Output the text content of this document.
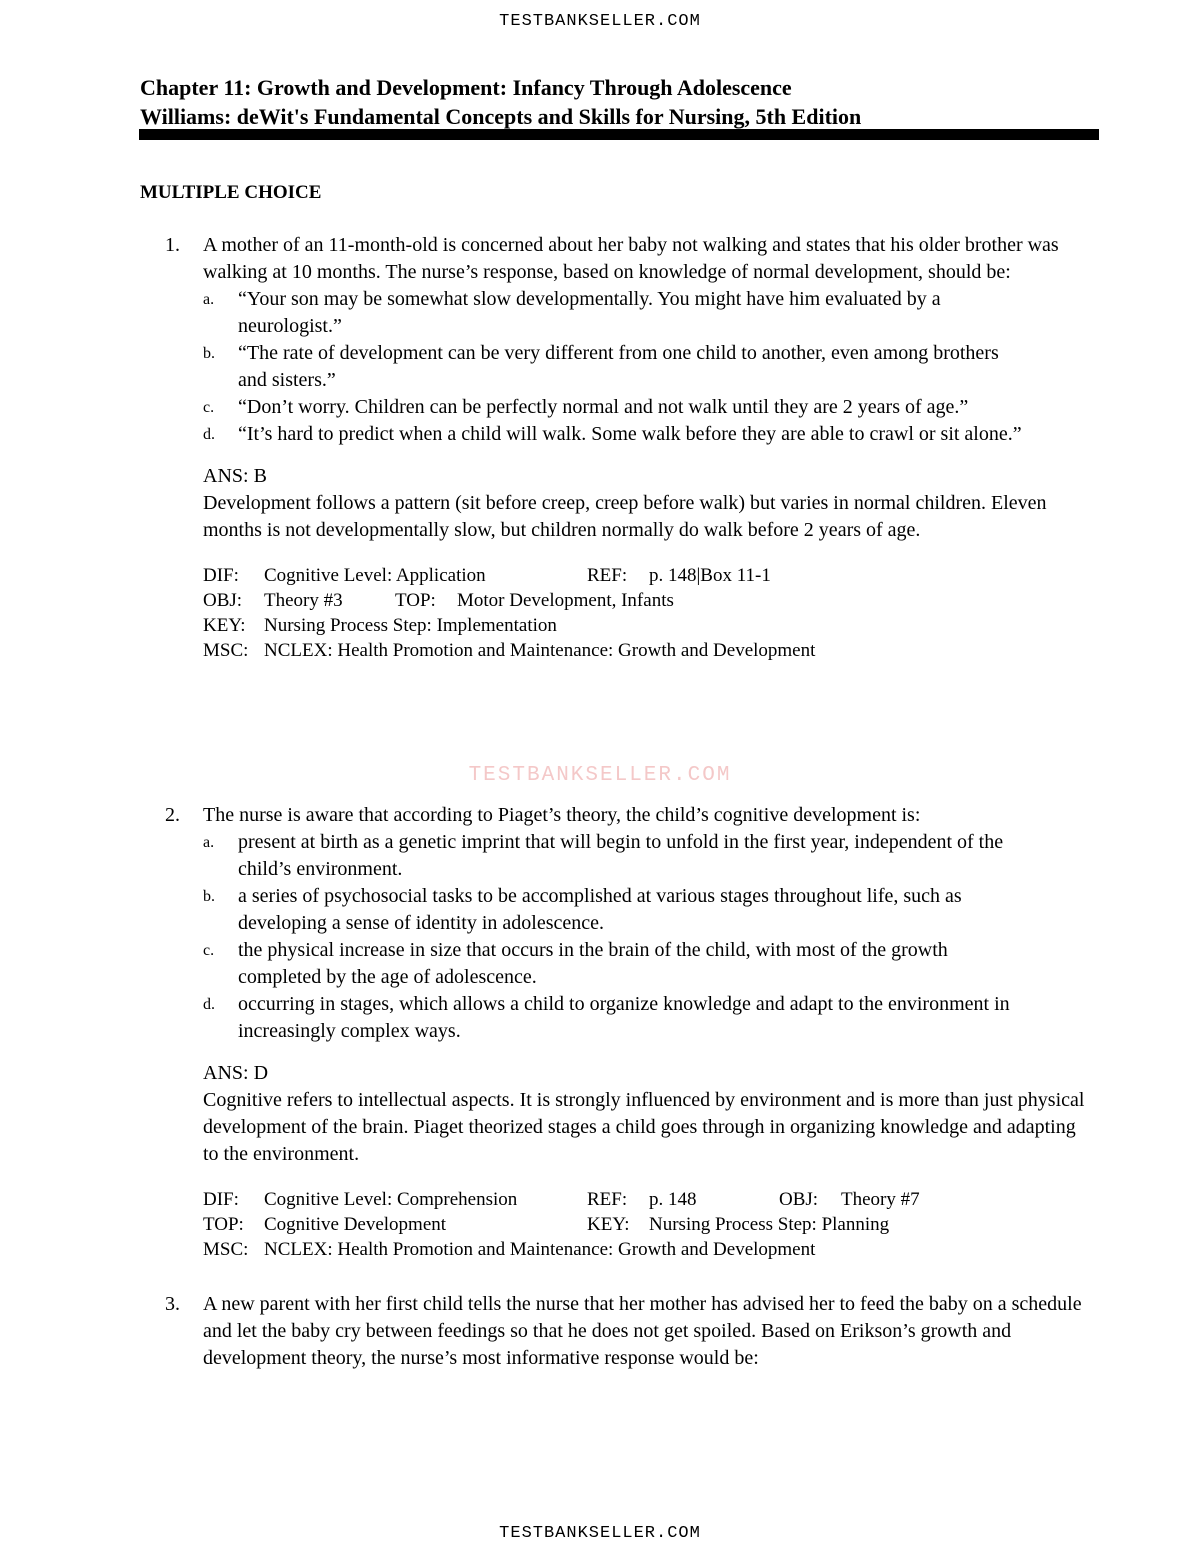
TESTBANKSELLER.COM
TESTBANKSELLER.COM
Chapter 11: Growth and Development: Infancy Through Adolescence
Williams: deWit's Fundamental Concepts and Skills for Nursing, 5th Edition
MULTIPLE CHOICE
1. A mother of an 11-month-old is concerned about her baby not walking and states that his older brother was walking at 10 months. The nurse’s response, based on knowledge of normal development, should be:
a. “Your son may be somewhat slow developmentally. You might have him evaluated by a neurologist.”
b. “The rate of development can be very different from one child to another, even among brothers and sisters.”
c. “Don’t worry. Children can be perfectly normal and not walk until they are 2 years of age.”
d. “It’s hard to predict when a child will walk. Some walk before they are able to crawl or sit alone.”
ANS: B
Development follows a pattern (sit before creep, creep before walk) but varies in normal children. Eleven months is not developmentally slow, but children normally do walk before 2 years of age.
DIF: Cognitive Level: Application	REF: p. 148|Box 11-1
OBJ: Theory #3	TOP: Motor Development, Infants
KEY: Nursing Process Step: Implementation
MSC: NCLEX: Health Promotion and Maintenance: Growth and Development
2. The nurse is aware that according to Piaget’s theory, the child’s cognitive development is:
a. present at birth as a genetic imprint that will begin to unfold in the first year, independent of the child’s environment.
b. a series of psychosocial tasks to be accomplished at various stages throughout life, such as developing a sense of identity in adolescence.
c. the physical increase in size that occurs in the brain of the child, with most of the growth completed by the age of adolescence.
d. occurring in stages, which allows a child to organize knowledge and adapt to the environment in increasingly complex ways.
ANS: D
Cognitive refers to intellectual aspects. It is strongly influenced by environment and is more than just physical development of the brain. Piaget theorized stages a child goes through in organizing knowledge and adapting to the environment.
DIF: Cognitive Level: Comprehension	REF: p. 148	OBJ: Theory #7
TOP: Cognitive Development	KEY: Nursing Process Step: Planning
MSC: NCLEX: Health Promotion and Maintenance: Growth and Development
3. A new parent with her first child tells the nurse that her mother has advised her to feed the baby on a schedule and let the baby cry between feedings so that he does not get spoiled. Based on Erikson’s growth and development theory, the nurse’s most informative response would be:
TESTBANKSELLER.COM
